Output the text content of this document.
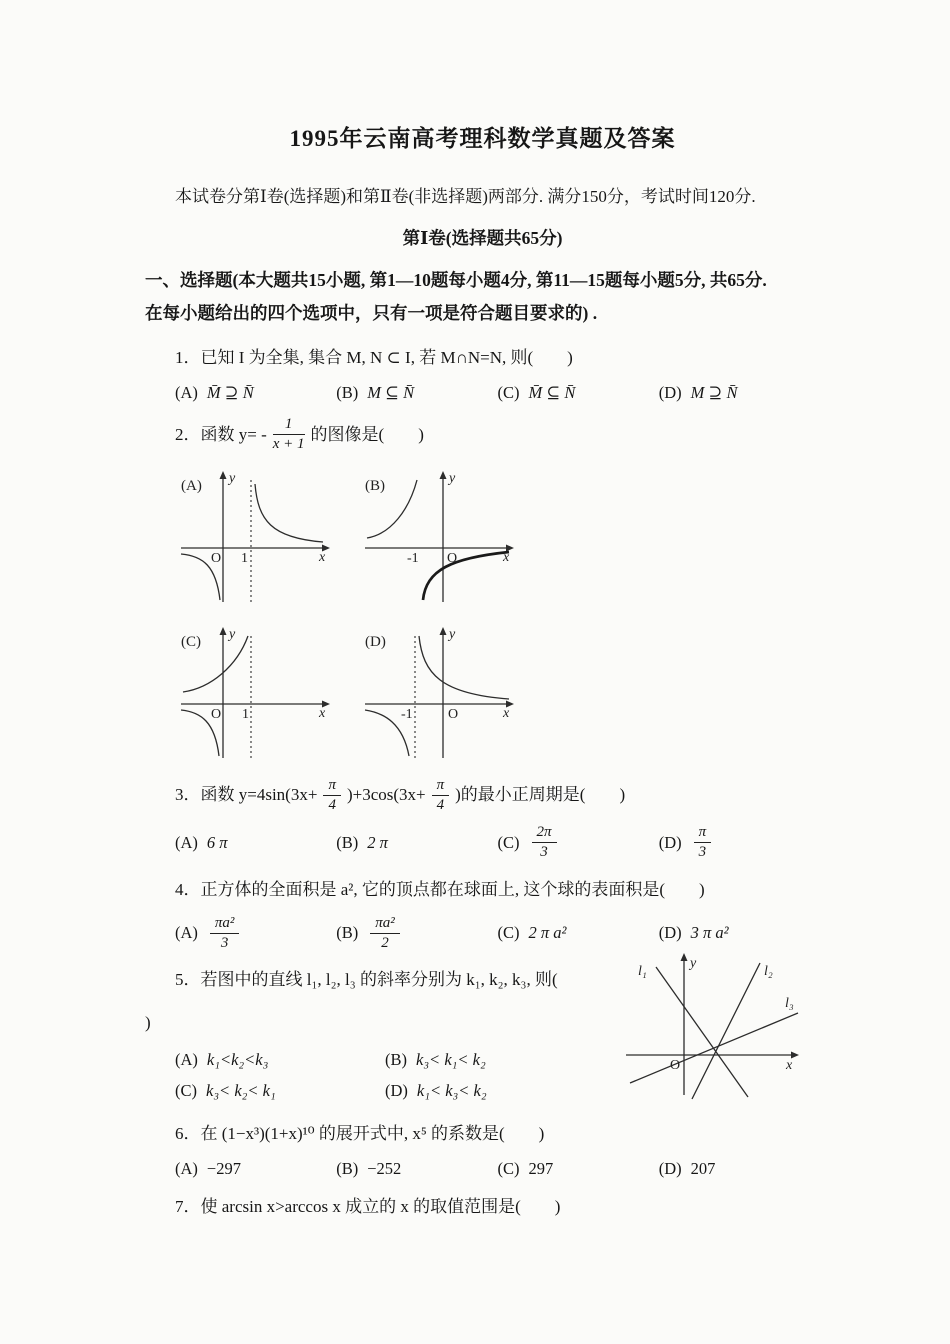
1995年云南高考理科数学真题及答案

本试卷分第Ⅰ卷(选择题)和第Ⅱ卷(非选择题)两部分. 满分150分，考试时间120分.

第Ⅰ卷(选择题共65分)
一、选择题(本大题共15小题, 第1—10题每小题4分, 第11—15题每小题5分, 共65分.
在每小题给出的四个选项中，只有一项是符合题目要求的) .
1．已知 I 为全集, 集合 M, N ⊂ I, 若 M∩N=N, 则(　　)
(A) M̄ ⊇ N̄	(B) M ⊆ N̄	(C) M̄ ⊆ N̄	(D) M ⊇ N̄
2．函数 $y= - \frac{1}{x + 1}$ 的图像是(　　)
(A) y
x
O 1
(B)	y
x
O
-1
(C) y
x
O 1
(D)	y
x
O
-1
3．函数 $y=4\sin(3x+ \frac{\pi}{4} )+3\cos(3x+ \frac{\pi}{4}$ )的最小正周期是(　　)
(A) 6 π	(B) 2 π	$(C) \frac{2\pi}{3}$	$(D) \frac{\pi}{3}$
4．正方体的全面积是 a², 它的顶点都在球面上, 这个球的表面积是(　　)
$(A) \frac{\text{πa²}}{3}$	$(B) \frac{\text{πa²}}{2}$	(C) 2 π a²	(D) 3 π a²
5．若图中的直线 l₁, l₂, l₃ 的斜率分别为 k₁, k₂, k₃, 则(
)
(A) k₁<k₂<k₃	(B) k₃< k₁< k₂
(C) k₃< k₂< k₁	(D) k₁< k₃< k₂
y
x
O
l₁	l₂
l₃
6．在 (1−x³)(1+x)¹⁰ 的展开式中, x⁵ 的系数是(　　)
(A) −297	(B) −252	(C) 297	(D) 207
7．使 arcsin x>arccos x 成立的 x 的取值范围是(　　)
